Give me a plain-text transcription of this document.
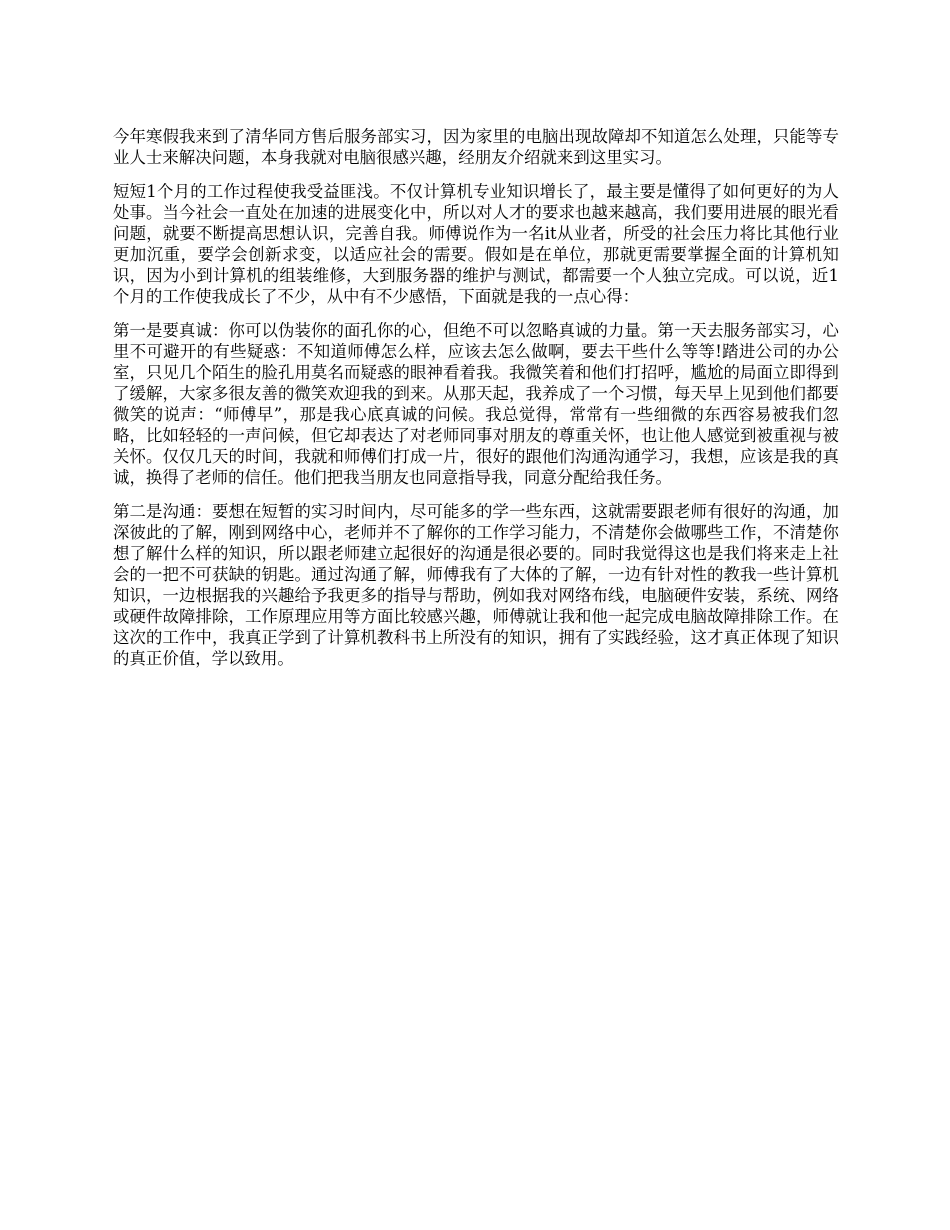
今年寒假我来到了清华同方售后服务部实习，因为家里的电脑出现故障却不知道怎么处理，只能等专业人士来解决问题，本身我就对电脑很感兴趣，经朋友介绍就来到这里实习。

短短1个月的工作过程使我受益匪浅。不仅计算机专业知识增长了，最主要是懂得了如何更好的为人处事。当今社会一直处在加速的进展变化中，所以对人才的要求也越来越高，我们要用进展的眼光看问题，就要不断提高思想认识，完善自我。师傅说作为一名it从业者，所受的社会压力将比其他行业更加沉重，要学会创新求变，以适应社会的需要。假如是在单位，那就更需要掌握全面的计算机知识，因为小到计算机的组装维修，大到服务器的维护与测试，都需要一个人独立完成。可以说，近1个月的工作使我成长了不少，从中有不少感悟，下面就是我的一点心得：

第一是要真诚：你可以伪装你的面孔你的心，但绝不可以忽略真诚的力量。第一天去服务部实习，心里不可避开的有些疑惑：不知道师傅怎么样，应该去怎么做啊，要去干些什么等等!踏进公司的办公室，只见几个陌生的脸孔用莫名而疑惑的眼神看着我。我微笑着和他们打招呼，尴尬的局面立即得到了缓解，大家多很友善的微笑欢迎我的到来。从那天起，我养成了一个习惯，每天早上见到他们都要微笑的说声：“师傅早”，那是我心底真诚的问候。我总觉得，常常有一些细微的东西容易被我们忽略，比如轻轻的一声问候，但它却表达了对老师同事对朋友的尊重关怀，也让他人感觉到被重视与被关怀。仅仅几天的时间，我就和师傅们打成一片，很好的跟他们沟通沟通学习，我想，应该是我的真诚，换得了老师的信任。他们把我当朋友也同意指导我，同意分配给我任务。

第二是沟通：要想在短暂的实习时间内，尽可能多的学一些东西，这就需要跟老师有很好的沟通，加深彼此的了解，刚到网络中心，老师并不了解你的工作学习能力，不清楚你会做哪些工作，不清楚你想了解什么样的知识，所以跟老师建立起很好的沟通是很必要的。同时我觉得这也是我们将来走上社会的一把不可获缺的钥匙。通过沟通了解，师傅我有了大体的了解，一边有针对性的教我一些计算机知识，一边根据我的兴趣给予我更多的指导与帮助，例如我对网络布线，电脑硬件安装，系统、网络或硬件故障排除，工作原理应用等方面比较感兴趣，师傅就让我和他一起完成电脑故障排除工作。在这次的工作中，我真正学到了计算机教科书上所没有的知识，拥有了实践经验，这才真正体现了知识的真正价值，学以致用。
